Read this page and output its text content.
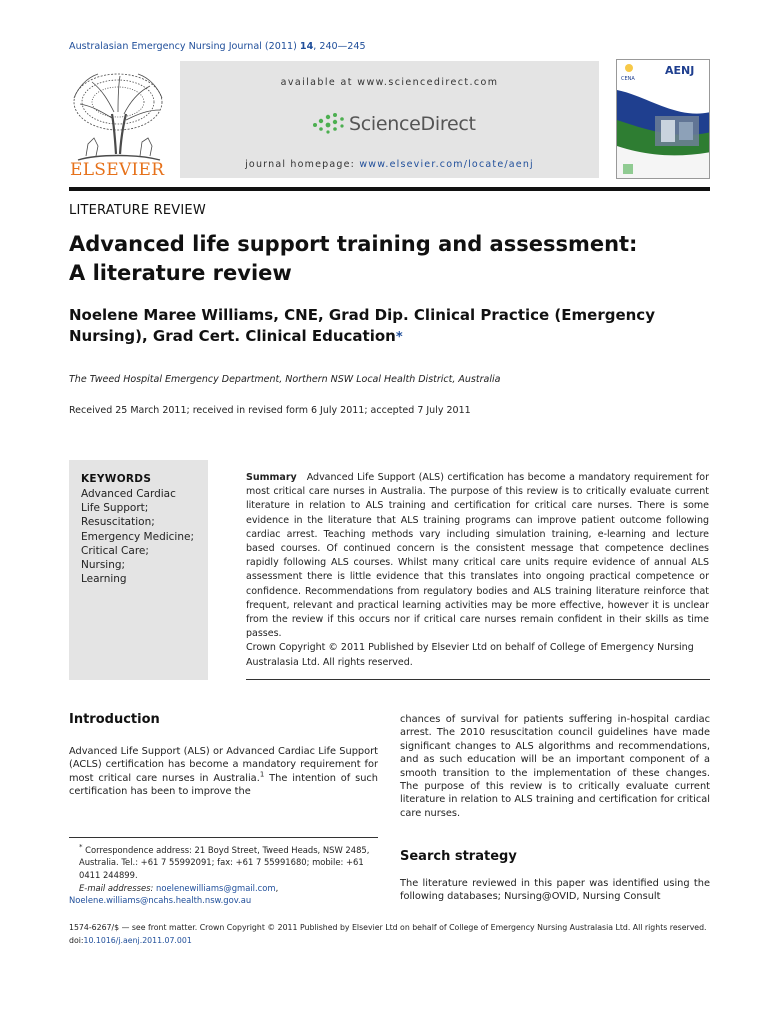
Australasian Emergency Nursing Journal (2011) 14, 240—245
ELSEVIER
available at www.sciencedirect.com
ScienceDirect
journal homepage: www.elsevier.com/locate/aenj
CENA
AENJ
LITERATURE REVIEW
Advanced life support training and assessment:
A literature review
Noelene Maree Williams, CNE, Grad Dip. Clinical Practice (Emergency
Nursing), Grad Cert. Clinical Education*
The Tweed Hospital Emergency Department, Northern NSW Local Health District, Australia
Received 25 March 2011; received in revised form 6 July 2011; accepted 7 July 2011
KEYWORDS
Advanced Cardiac
Life Support;
Resuscitation;
Emergency Medicine;
Critical Care;
Nursing;
Learning

Summary Advanced Life Support (ALS) certification has become a mandatory requirement for most critical care nurses in Australia. The purpose of this review is to critically evaluate current literature in relation to ALS training and certification for critical care nurses. There is some evidence in the literature that ALS training programs can improve patient outcome following cardiac arrest. Teaching methods vary including simulation training, e-learning and lecture based courses. Of continued concern is the consistent message that competence declines rapidly following ALS courses. Whilst many critical care units require evidence of annual ALS assessment there is little evidence that this translates into ongoing practical competence or confidence. Recommendations from regulatory bodies and ALS training literature reinforce that frequent, relevant and practical learning activities may be more effective, however it is unclear from the review if this occurs nor if critical care nurses remain confident in their skills as time passes.

Crown Copyright © 2011 Published by Elsevier Ltd on behalf of College of Emergency Nursing Australasia Ltd. All rights reserved.

Introduction

Advanced Life Support (ALS) or Advanced Cardiac Life Support (ACLS) certification has become a mandatory requirement for most critical care nurses in Australia.$^1$ The intention of such certification has been to improve the

* Correspondence address: 21 Boyd Street, Tweed Heads, NSW 2485, Australia. Tel.: +61 7 55992091; fax: +61 7 55991680; mobile: +61 0411 244899.
E-mail addresses: noelenewilliams@gmail.com,
Noelene.williams@ncahs.health.nsw.gov.au

chances of survival for patients suffering in-hospital cardiac arrest. The 2010 resuscitation council guidelines have made significant changes to ALS algorithms and recommendations, and as such education will be an important component of a smooth transition to the implementation of these changes. The purpose of this review is to critically evaluate current literature in relation to ALS training and certification for critical care nurses.

Search strategy

The literature reviewed in this paper was identified using the following databases; Nursing@OVID, Nursing Consult

1574-6267/$ — see front matter. Crown Copyright © 2011 Published by Elsevier Ltd on behalf of College of Emergency Nursing Australasia Ltd. All rights reserved.
doi:10.1016/j.aenj.2011.07.001
